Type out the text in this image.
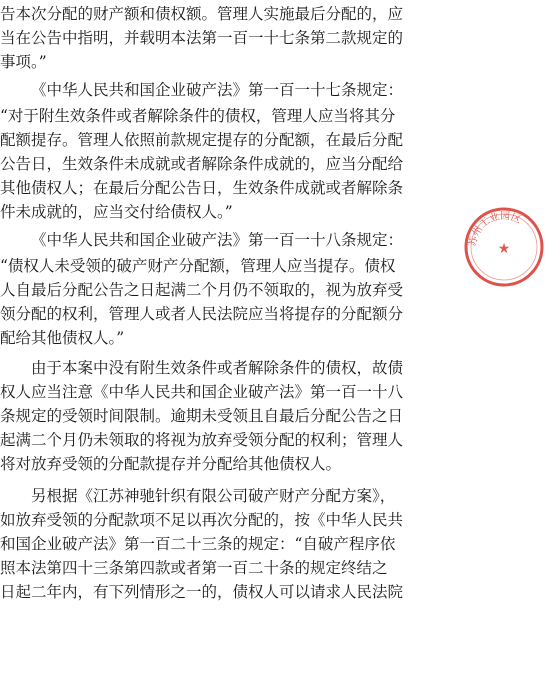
告本次分配的财产额和债权额。管理人实施最后分配的，应
当在公告中指明，并载明本法第一百一十七条第二款规定的
事项。”
《中华人民共和国企业破产法》第一百一十七条规定：
“对于附生效条件或者解除条件的债权，管理人应当将其分
配额提存。管理人依照前款规定提存的分配额，在最后分配
公告日，生效条件未成就或者解除条件成就的，应当分配给
其他债权人；在最后分配公告日，生效条件成就或者解除条
件未成就的，应当交付给债权人。”
《中华人民共和国企业破产法》第一百一十八条规定：
“债权人未受领的破产财产分配额，管理人应当提存。债权
人自最后分配公告之日起满二个月仍不领取的，视为放弃受
领分配的权利，管理人或者人民法院应当将提存的分配额分
配给其他债权人。”
由于本案中没有附生效条件或者解除条件的债权，故债
权人应当注意《中华人民共和国企业破产法》第一百一十八
条规定的受领时间限制。逾期未受领且自最后分配公告之日
起满二个月仍未领取的将视为放弃受领分配的权利；管理人
将对放弃受领的分配款提存并分配给其他债权人。
另根据《江苏神驰针织有限公司破产财产分配方案》，
如放弃受领的分配款项不足以再次分配的，按《中华人民共
和国企业破产法》第一百二十三条的规定：“自破产程序依
照本法第四十三条第四款或者第一百二十条的规定终结之
日起二年内，有下列情形之一的，债权人可以请求人民法院
苏州工业园区
★
